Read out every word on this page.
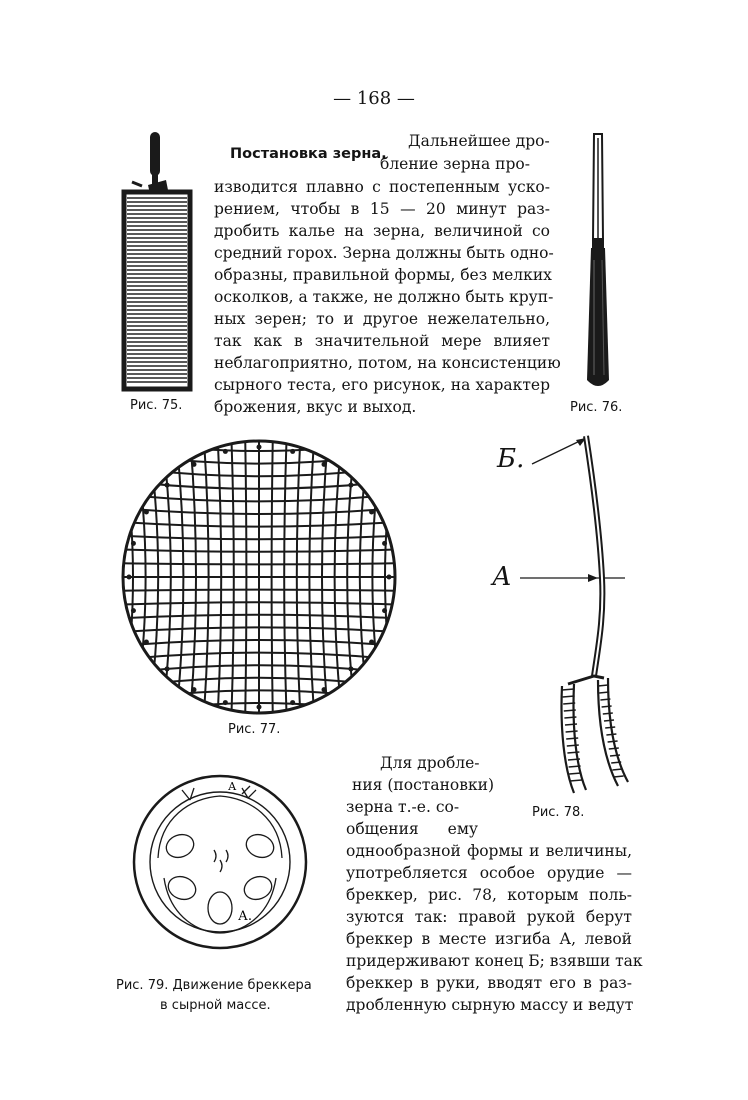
— 168 —
Рис. 75.	Рис. 76.
Постановка зерна.
Дальнейшее дро-
бление зерна про-
изводится плавно с постепенным уско-
рением, чтобы в 15 — 20 минут раз-
дробить калье на зерна, величиной со
средний горох. Зерна должны быть одно-
образны, правильной формы, без мелких
осколков, а также, не должно быть круп-
ных зерен; то и другое нежелательно,
так как в значительной мере влияет
неблагоприятно, потом, на консистенцию
сырного теста, его рисунок, на характер
брожения, вкус и выход.
Рис. 77.
Б.
А
Рис. 78.
А
А.
Рис. 79. Движение бреккера
в сырной массе.
Для дробле-
ния (постановки)
зерна т.-е. со-
общения ему
однообразной формы и величины,
употребляется особое орудие —
бреккер, рис. 78, которым поль-
зуются так: правой рукой берут
бреккер в месте изгиба А, левой
придерживают конец Б; взявши так
бреккер в руки, вводят его в раз-
дробленную сырную массу и ведут
